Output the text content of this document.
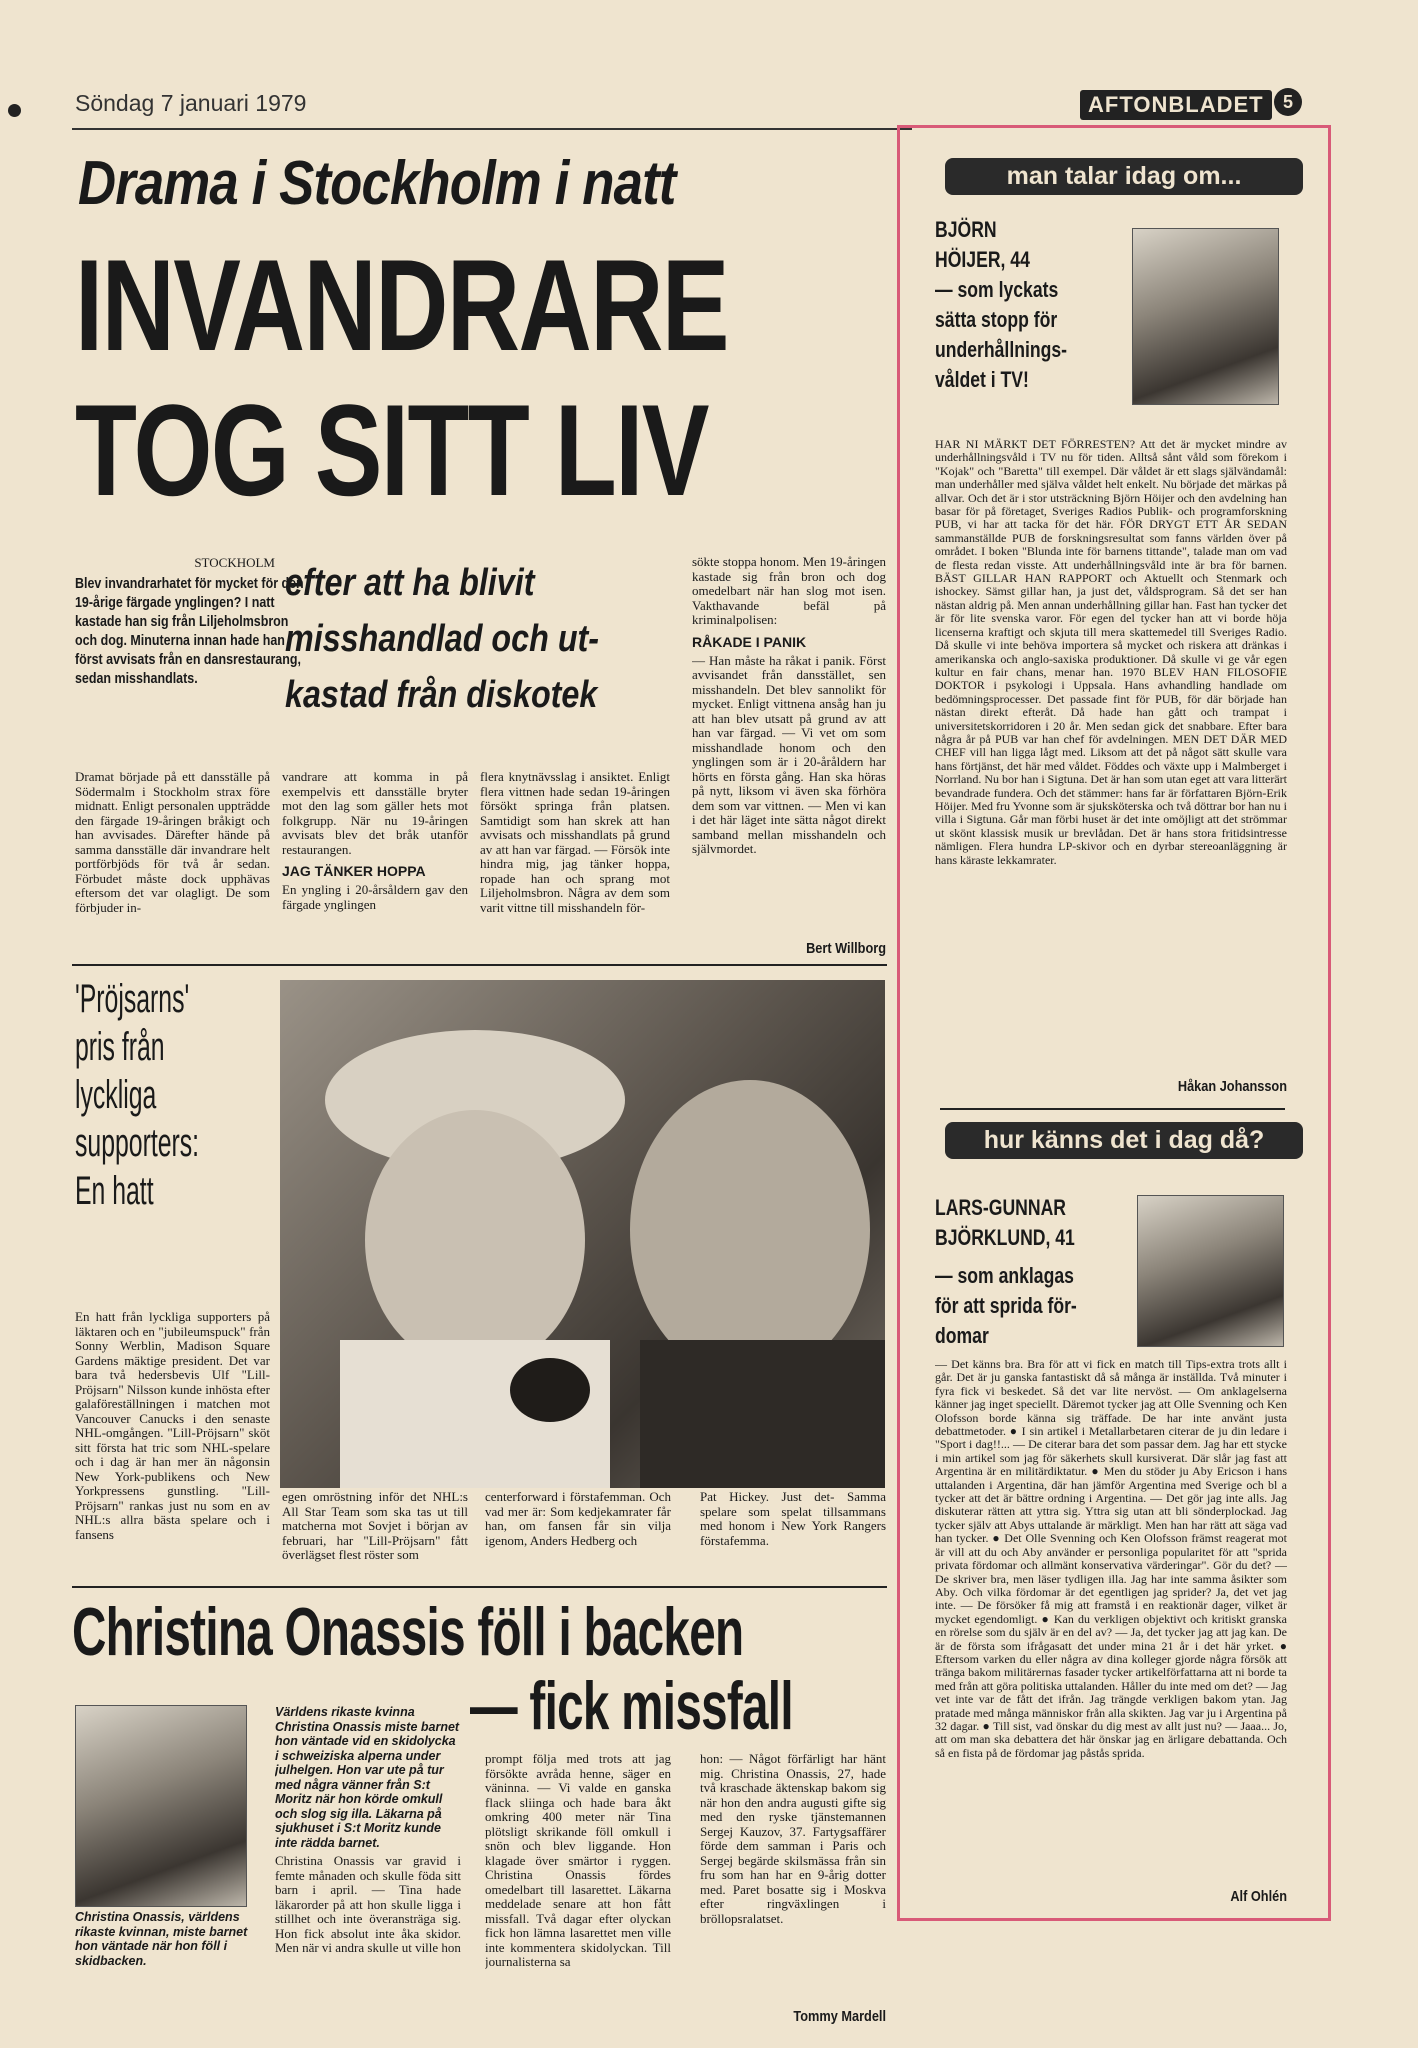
Söndag 7 januari 1979	AFTONBLADET	5
Drama i Stockholm i natt
INVANDRARE
TOG SITT LIV
STOCKHOLM
Blev invandrarhatet för mycket för den 19-årige färgade ynglingen? I natt kastade han sig från Liljeholmsbron och dog. Minuterna innan hade han först avvisats från en dansrestaurang, sedan misshandlats.
efter att ha blivit
misshandlad och ut-
kastad från diskotek
Dramat började på ett dansställe på Södermalm i Stockholm strax före midnatt. Enligt personalen uppträdde den färgade 19-åringen bråkigt och han avvisades. Därefter hände på samma dansställe där invandrare helt portförbjöds för två år sedan. Förbudet måste dock upphävas eftersom det var olagligt. De som förbjuder in-
vandrare att komma in på exempelvis ett dansställe bryter mot den lag som gäller hets mot folkgrupp. När nu 19-åringen avvisats blev det bråk utanför restaurangen.
JAG TÄNKER HOPPA
En yngling i 20-årsåldern gav den färgade ynglingen
flera knytnävsslag i ansiktet. Enligt flera vittnen hade sedan 19-åringen försökt springa från platsen. Samtidigt som han skrek att han avvisats och misshandlats på grund av att han var färgad. — Försök inte hindra mig, jag tänker hoppa, ropade han och sprang mot Liljeholmsbron. Några av dem som varit vittne till misshandeln för-
sökte stoppa honom. Men 19-åringen kastade sig från bron och dog omedelbart när han slog mot isen. Vakthavande befäl på kriminalpolisen:
RÅKADE I PANIK
— Han måste ha råkat i panik. Först avvisandet från dansstället, sen misshandeln. Det blev sannolikt för mycket. Enligt vittnena ansåg han ju att han blev utsatt på grund av att han var färgad. — Vi vet om som misshandlade honom och den ynglingen som är i 20-åråldern har hörts en första gång. Han ska höras på nytt, liksom vi även ska förhöra dem som var vittnen. — Men vi kan i det här läget inte sätta något direkt samband mellan misshandeln och självmordet.
Bert Willborg
'Pröjsarns'
pris från
lyckliga
supporters:
En hatt
En hatt från lyckliga supporters på läktaren och en "jubileumspuck" från Sonny Werblin, Madison Square Gardens mäktige president. Det var bara två hedersbevis Ulf "Lill-Pröjsarn" Nilsson kunde inhösta efter galaföreställningen i matchen mot Vancouver Canucks i den senaste NHL-omgången. "Lill-Pröjsarn" sköt sitt första hat tric som NHL-spelare och i dag är han mer än någonsin New York-publikens och New Yorkpressens gunstling. "Lill-Pröjsarn" rankas just nu som en av NHL:s allra bästa spelare och i fansens
egen omröstning inför det NHL:s All Star Team som ska tas ut till matcherna mot Sovjet i början av februari, har "Lill-Pröjsarn" fått överlägset flest röster som
centerforward i förstafemman. Och vad mer är: Som kedjekamrater får han, om fansen får sin vilja igenom, Anders Hedberg och
Pat Hickey. Just det- Samma spelare som spelat tillsammans med honom i New York Rangers förstafemma.
Christina Onassis föll i backen
— fick missfall
Christina Onassis, världens rikaste kvinnan, miste barnet hon väntade när hon föll i skidbacken.
Världens rikaste kvinna Christina Onassis miste barnet hon väntade vid en skidolycka i schweiziska alperna under julhelgen. Hon var ute på tur med några vänner från S:t Moritz när hon körde omkull och slog sig illa. Läkarna på sjukhuset i S:t Moritz kunde inte rädda barnet.
Christina Onassis var gravid i femte månaden och skulle föda sitt barn i april. — Tina hade läkarorder på att hon skulle ligga i stillhet och inte överansträga sig. Hon fick absolut inte åka skidor. Men när vi andra skulle ut ville hon
prompt följa med trots att jag försökte avråda henne, säger en väninna. — Vi valde en ganska flack sliinga och hade bara åkt omkring 400 meter när Tina plötsligt skrikande föll omkull i snön och blev liggande. Hon klagade över smärtor i ryggen. Christina Onassis fördes omedelbart till lasarettet. Läkarna meddelade senare att hon fått missfall. Två dagar efter olyckan fick hon lämna lasarettet men ville inte kommentera skidolyckan. Till journalisterna sa
hon: — Något förfärligt har hänt mig. Christina Onassis, 27, hade två kraschade äktenskap bakom sig när hon den andra augusti gifte sig med den ryske tjänstemannen Sergej Kauzov, 37. Fartygsaffärer förde dem samman i Paris och Sergej begärde skilsmässa från sin fru som han har en 9-årig dotter med. Paret bosatte sig i Moskva efter ringväxlingen i bröllopsralatset.
Tommy Mardell
man talar idag om...
BJÖRN
HÖIJER, 44
— som lyckats
sätta stopp för
underhållnings-
våldet i TV!
HAR NI MÄRKT DET FÖRRESTEN? Att det är mycket mindre av underhållningsvåld i TV nu för tiden. Alltså sånt våld som förekom i "Kojak" och "Baretta" till exempel. Där våldet är ett slags självändamål: man underhåller med själva våldet helt enkelt. Nu började det märkas på allvar. Och det är i stor utsträckning Björn Höijer och den avdelning han basar för på företaget, Sveriges Radios Publik- och programforskning PUB, vi har att tacka för det här. FÖR DRYGT ETT ÅR SEDAN sammanställde PUB de forskningsresultat som fanns världen över på området. I boken "Blunda inte för barnens tittande", talade man om vad de flesta redan visste. Att underhållningsvåld inte är bra för barnen. BÄST GILLAR HAN RAPPORT och Aktuellt och Stenmark och ishockey. Sämst gillar han, ja just det, våldsprogram. Så det ser han nästan aldrig på. Men annan underhållning gillar han. Fast han tycker det är för lite svenska varor. För egen del tycker han att vi borde höja licenserna kraftigt och skjuta till mera skattemedel till Sveriges Radio. Då skulle vi inte behöva importera så mycket och riskera att dränkas i amerikanska och anglo-saxiska produktioner. Då skulle vi ge vår egen kultur en fair chans, menar han. 1970 BLEV HAN FILOSOFIE DOKTOR i psykologi i Uppsala. Hans avhandling handlade om bedömningsprocesser. Det passade fint för PUB, för där började han nästan direkt efteråt. Då hade han gått och trampat i universitetskorridoren i 20 år. Men sedan gick det snabbare. Efter bara några år på PUB var han chef för avdelningen. MEN DET DÄR MED CHEF vill han ligga lågt med. Liksom att det på något sätt skulle vara hans förtjänst, det här med våldet. Föddes och växte upp i Malmberget i Norrland. Nu bor han i Sigtuna. Det är han som utan eget att vara litterärt bevandrade fundera. Och det stämmer: hans far är författaren Björn-Erik Höijer. Med fru Yvonne som är sjuksköterska och två döttrar bor han nu i villa i Sigtuna. Går man förbi huset är det inte omöjligt att det strömmar ut skönt klassisk musik ur brevlådan. Det är hans stora fritidsintresse nämligen. Flera hundra LP-skivor och en dyrbar stereoanläggning är hans käraste lekkamrater.
Håkan Johansson
hur känns det i dag då?
LARS-GUNNAR
BJÖRKLUND, 41
— som anklagas
för att sprida för-
domar
— Det känns bra. Bra för att vi fick en match till Tips-extra trots allt i går. Det är ju ganska fantastiskt då så många är inställda. Två minuter i fyra fick vi beskedet. Så det var lite nervöst. — Om anklagelserna känner jag inget speciellt. Däremot tycker jag att Olle Svenning och Ken Olofsson borde känna sig träffade. De har inte använt justa debattmetoder. ● I sin artikel i Metallarbetaren citerar de ju din ledare i "Sport i dag!!... — De citerar bara det som passar dem. Jag har ett stycke i min artikel som jag för säkerhets skull kursiverat. Där slår jag fast att Argentina är en militärdiktatur. ● Men du stöder ju Aby Ericson i hans uttalanden i Argentina, där han jämför Argentina med Sverige och bl a tycker att det är bättre ordning i Argentina. — Det gör jag inte alls. Jag diskuterar rätten att yttra sig. Yttra sig utan att bli sönderplockad. Jag tycker själv att Abys uttalande är märkligt. Men han har rätt att säga vad han tycker. ● Det Olle Svenning och Ken Olofsson främst reagerat mot är vill att du och Aby använder er personliga popularitet för att "sprida privata fördomar och allmänt konservativa värderingar". Gör du det? — De skriver bra, men läser tydligen illa. Jag har inte samma åsikter som Aby. Och vilka fördomar är det egentligen jag sprider? Ja, det vet jag inte. — De försöker få mig att framstå i en reaktionär dager, vilket är mycket egendomligt. ● Kan du verkligen objektivt och kritiskt granska en rörelse som du själv är en del av? — Ja, det tycker jag att jag kan. De är de första som ifrågasatt det under mina 21 år i det här yrket. ● Eftersom varken du eller några av dina kolleger gjorde några försök att tränga bakom militärernas fasader tycker artikelförfattarna att ni borde ta med från att göra politiska uttalanden. Håller du inte med om det? — Jag vet inte var de fått det ifrån. Jag trängde verkligen bakom ytan. Jag pratade med många människor från alla skikten. Jag var ju i Argentina på 32 dagar. ● Till sist, vad önskar du dig mest av allt just nu? — Jaaa... Jo, att om man ska debattera det här önskar jag en ärligare debattanda. Och så en fista på de fördomar jag påstås sprida.
Alf Ohlén
